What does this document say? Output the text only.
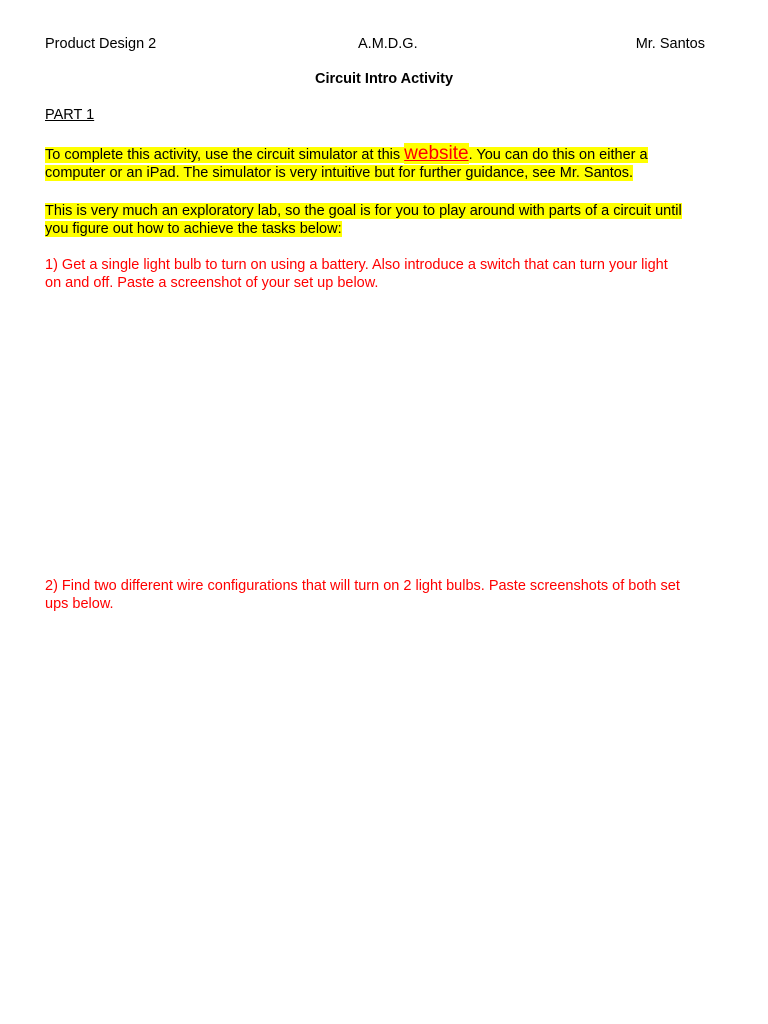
Product Design 2	A.M.D.G.	Mr. Santos
Circuit Intro Activity
PART 1
To complete this activity, use the circuit simulator at this website. You can do this on either a
computer or an iPad. The simulator is very intuitive but for further guidance, see Mr. Santos.
This is very much an exploratory lab, so the goal is for you to play around with parts of a circuit until
you figure out how to achieve the tasks below:
1) Get a single light bulb to turn on using a battery. Also introduce a switch that can turn your light
on and off. Paste a screenshot of your set up below.
2) Find two different wire configurations that will turn on 2 light bulbs. Paste screenshots of both set
ups below.
